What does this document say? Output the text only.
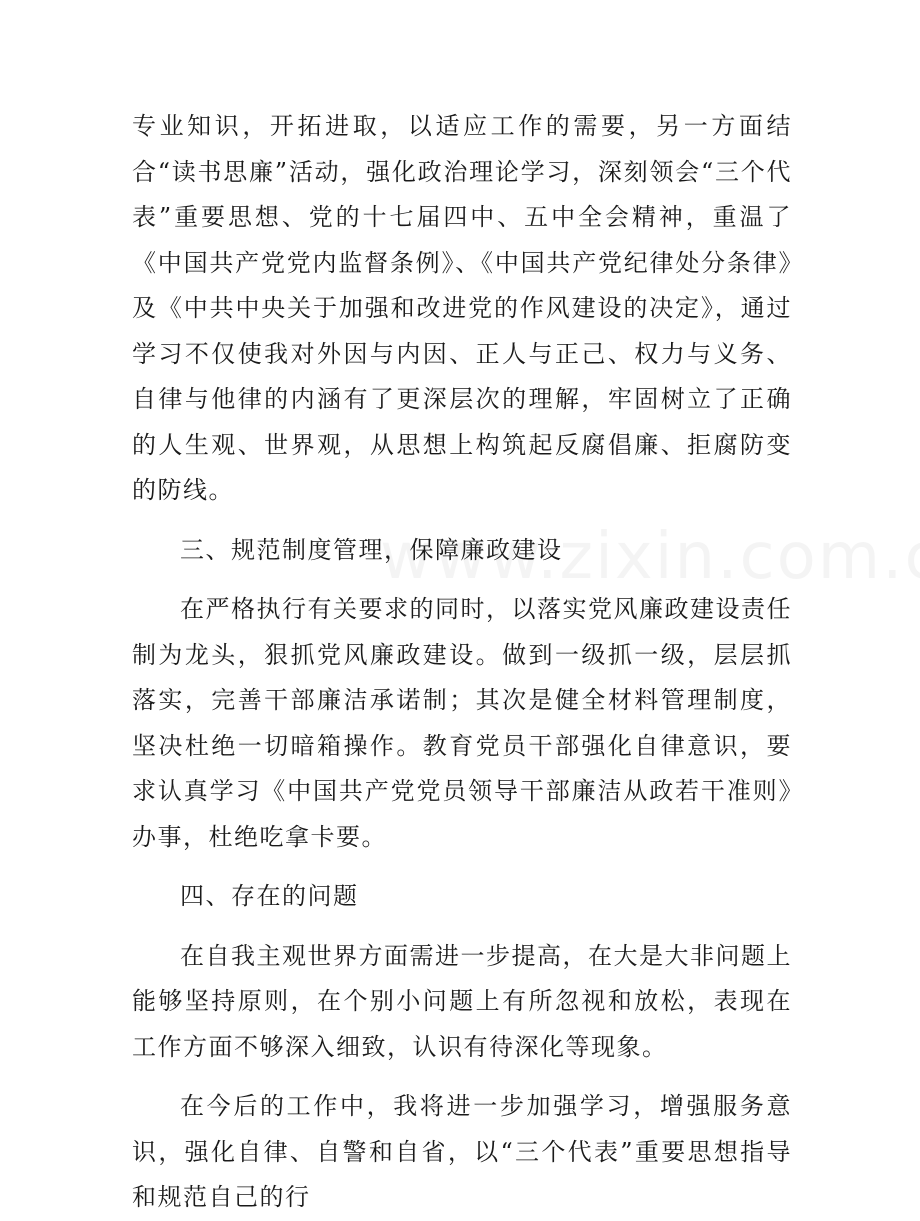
专业知识，开拓进取，以适应工作的需要，另一方面结合“读书思廉”活动，强化政治理论学习，深刻领会“三个代表”重要思想、党的十七届四中、五中全会精神，重温了《中国共产党党内监督条例》、《中国共产党纪律处分条律》及《中共中央关于加强和改进党的作风建设的决定》，通过学习不仅使我对外因与内因、正人与正己、权力与义务、自律与他律的内涵有了更深层次的理解，牢固树立了正确的人生观、世界观，从思想上构筑起反腐倡廉、拒腐防变的防线。

三、规范制度管理，保障廉政建设

在严格执行有关要求的同时，以落实党风廉政建设责任制为龙头，狠抓党风廉政建设。做到一级抓一级，层层抓落实，完善干部廉洁承诺制；其次是健全材料管理制度，坚决杜绝一切暗箱操作。教育党员干部强化自律意识，要求认真学习《中国共产党党员领导干部廉洁从政若干准则》办事，杜绝吃拿卡要。

四、存在的问题

在自我主观世界方面需进一步提高，在大是大非问题上能够坚持原则，在个别小问题上有所忽视和放松，表现在工作方面不够深入细致，认识有待深化等现象。

在今后的工作中，我将进一步加强学习，增强服务意识，强化自律、自警和自省，以“三个代表”重要思想指导和规范自己的行
